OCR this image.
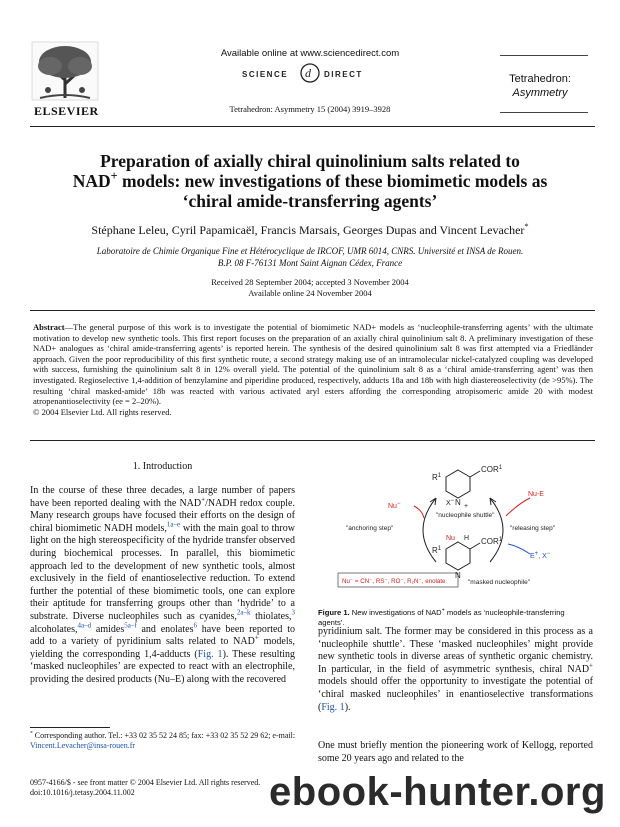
ELSEVIER
Available online at www.sciencedirect.com
SCIENCE d DIRECT
Tetrahedron: Asymmetry 15 (2004) 3919–3928
Tetrahedron:
Asymmetry
Preparation of axially chiral quinolinium salts related to
NAD+ models: new investigations of these biomimetic models as
‘chiral amide-transferring agents’
Stéphane Leleu, Cyril Papamicaël, Francis Marsais, Georges Dupas and Vincent Levacher*
Laboratoire de Chimie Organique Fine et Hétérocyclique de IRCOF, UMR 6014, CNRS. Université et INSA de Rouen.
B.P. 08 F-76131 Mont Saint Aignan Cédex, France
Received 28 September 2004; accepted 3 November 2004
Available online 24 November 2004
Abstract—The general purpose of this work is to investigate the potential of biomimetic NAD+ models as ‘nucleophile-transferring agents’ with the ultimate motivation to develop new synthetic tools. This first report focuses on the preparation of an axially chiral quinolinium salt 8. A preliminary investigation of these NAD+ analogues as ‘chiral amide-transferring agents’ is reported herein. The synthesis of the desired quinolinium salt 8 was first attempted via a Friedländer approach. Given the poor reproducibility of this first synthetic route, a second strategy making use of an intramolecular nickel-catalyzed coupling was developed with success, furnishing the quinolinium salt 8 in 12% overall yield. The potential of the quinolinium salt 8 as a ‘chiral amide-transferring agent’ was then investigated. Regioselective 1,4-addition of benzylamine and piperidine produced, respectively, adducts 18a and 18b with high diastereoselectivity (de >95%). The resulting ‘chiral masked-amide’ 18b was reacted with various activated aryl esters affording the corresponding atropisomeric amide 20 with modest atropenantioselectivity (ee = 2–20%).
© 2004 Elsevier Ltd. All rights reserved.
1. Introduction
In the course of these three decades, a large number of papers have been reported dealing with the NAD+/NADH redox couple. Many research groups have focused their efforts on the design of chiral biomimetic NADH models,$^{1a-e}$ with the main goal to throw light on the high stereospecificity of the hydride transfer observed during biochemical processes. In parallel, this biomimetic approach led to the development of new synthetic tools, almost exclusively in the field of enantioselective reduction. To extend further the potential of these biomimetic tools, one can explore their aptitude for transferring groups other than ‘hydride’ to a substrate. Diverse nucleophiles such as cyanides,$^{2a-k}$ thiolates,$^3$ alcoholates,$^{4a-d}$ amides$^{5a-f}$ and enolates$^6$ have been reported to add to a variety of pyridinium salts related to NAD+ models, yielding the corresponding 1,4-adducts (Fig. 1). These resulting ‘masked nucleophiles’ are expected to react with an electrophile, providing the desired products (Nu–E) along with the recovered
COR$^1$
$R^1$
N +
X−
"nucleophile shuttle"
Nu−
"anchoring step"
Nu-E
"releasing step"
E+, X−
$COR^1$
$R^1$
Nu H
N
"masked nucleophile"
Nu⁻ = CN⁻, RS⁻, RO⁻, R₂N⁻, enolate
Figure 1. New investigations of NAD+ models as ‘nucleophile-transferring agents’.
pyridinium salt. The former may be considered in this process as a ‘nucleophile shuttle’. These ‘masked nucleophiles’ might provide new synthetic tools in diverse areas of synthetic organic chemistry. In particular, in the field of asymmetric synthesis, chiral NAD+ models should offer the opportunity to investigate the potential of ‘chiral masked nucleophiles’ in enantioselective transformations (Fig. 1).
One must briefly mention the pioneering work of Kellogg, reported some 20 years ago and related to the
* Corresponding author. Tel.: +33 02 35 52 24 85; fax: +33 02 35 52 29 62; e-mail: Vincent.Levacher@insa-rouen.fr
0957-4166/$ - see front matter © 2004 Elsevier Ltd. All rights reserved.
doi:10.1016/j.tetasy.2004.11.002	ebook-hunter.org
